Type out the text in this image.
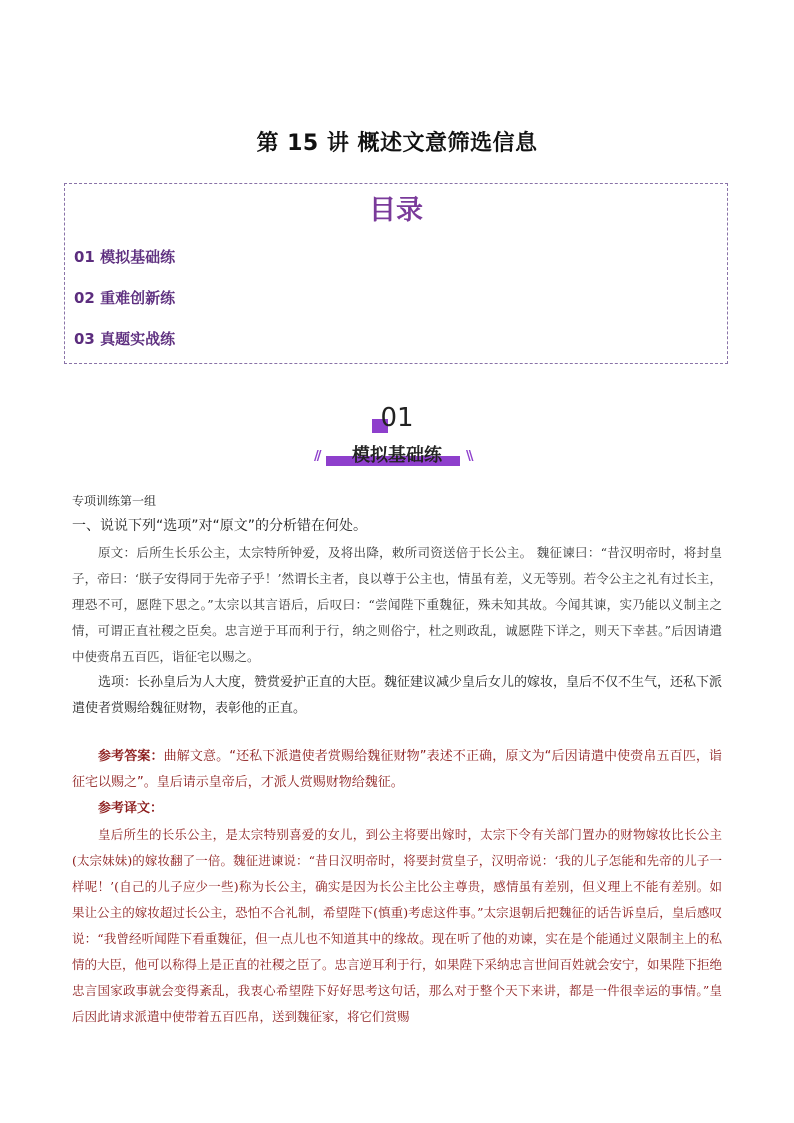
第 15 讲 概述文意筛选信息
目录
01 模拟基础练
02 重难创新练
03 真题实战练
01
//	\\
模拟基础练
专项训练第一组
一、说说下列“选项”对“原文”的分析错在何处。
原文：后所生长乐公主，太宗特所钟爱，及将出降，敕所司资送倍于长公主。 魏征谏曰：“昔汉明帝时，将封皇子，帝曰：‘朕子安得同于先帝子乎！’然谓长主者，良以尊于公主也，情虽有差，义无等别。若令公主之礼有过长主，理恐不可，愿陛下思之。”太宗以其言语后，后叹曰：“尝闻陛下重魏征，殊未知其故。今闻其谏，实乃能以义制主之情，可谓正直社稷之臣矣。忠言逆于耳而利于行，纳之则俗宁，杜之则政乱，诚愿陛下详之，则天下幸甚。”后因请遣中使赍帛五百匹，诣征宅以赐之。
选项：长孙皇后为人大度，赞赏爱护正直的大臣。魏征建议减少皇后女儿的嫁妆，皇后不仅不生气，还私下派遣使者赏赐给魏征财物，表彰他的正直。
参考答案：曲解文意。“还私下派遣使者赏赐给魏征财物”表述不正确，原文为“后因请遣中使赍帛五百匹，诣征宅以赐之”。皇后请示皇帝后，才派人赏赐财物给魏征。
参考译文：
皇后所生的长乐公主，是太宗特别喜爱的女儿，到公主将要出嫁时，太宗下令有关部门置办的财物嫁妆比长公主(太宗妹妹)的嫁妆翻了一倍。魏征进谏说：“昔日汉明帝时，将要封赏皇子，汉明帝说：‘我的儿子怎能和先帝的儿子一样呢！’(自己的儿子应少一些)称为长公主，确实是因为长公主比公主尊贵，感情虽有差别，但义理上不能有差别。如果让公主的嫁妆超过长公主，恐怕不合礼制，希望陛下(慎重)考虑这件事。”太宗退朝后把魏征的话告诉皇后，皇后感叹说：“我曾经听闻陛下看重魏征，但一点儿也不知道其中的缘故。现在听了他的劝谏，实在是个能通过义限制主上的私情的大臣，他可以称得上是正直的社稷之臣了。忠言逆耳利于行，如果陛下采纳忠言世间百姓就会安宁，如果陛下拒绝忠言国家政事就会变得紊乱，我衷心希望陛下好好思考这句话，那么对于整个天下来讲，都是一件很幸运的事情。”皇后因此请求派遣中使带着五百匹帛，送到魏征家，将它们赏赐
